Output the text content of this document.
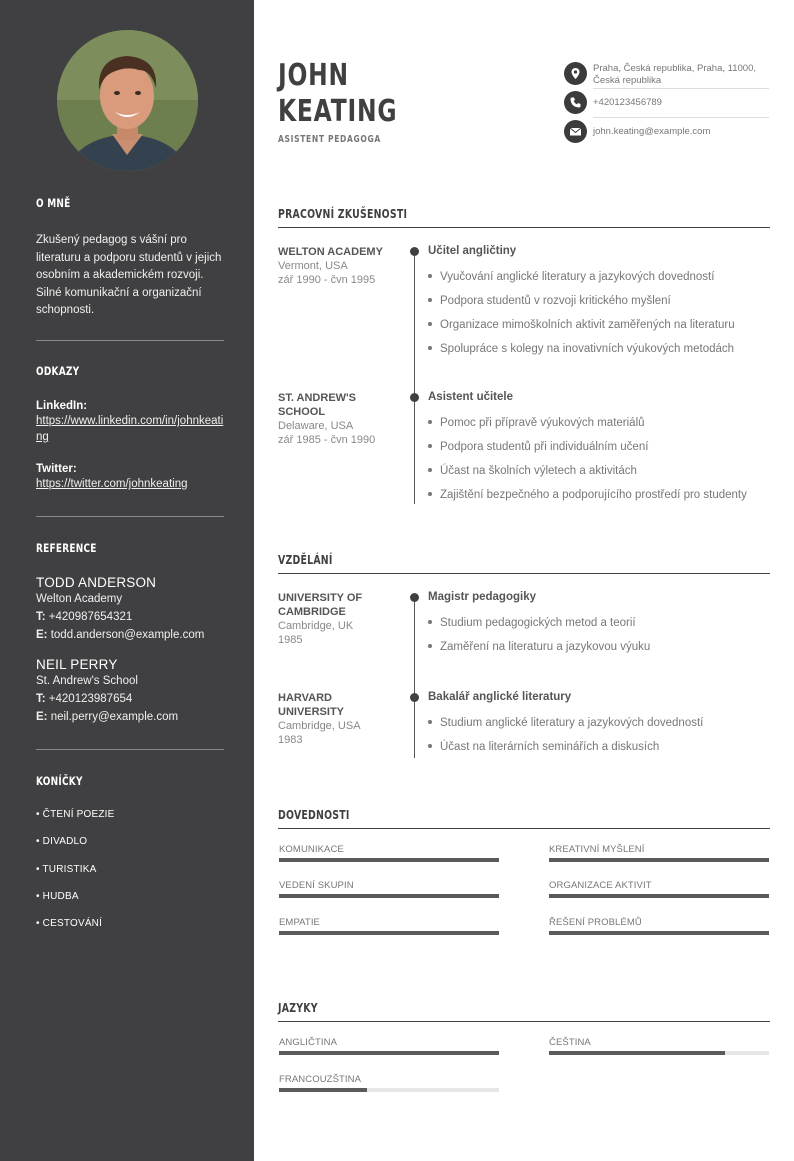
O MNĚ
Zkušený pedagog s vášní pro literaturu a podporu studentů v jejich osobním a akademickém rozvoji. Silné komunikační a organizační schopnosti.
ODKAZY
LinkedIn:
https://www.linkedin.com/in/johnkeating
Twitter:
https://twitter.com/johnkeating
REFERENCE
TODD ANDERSON
Welton Academy
T: +420987654321
E: todd.anderson@example.com
NEIL PERRY
St. Andrew's School
T: +420123987654
E: neil.perry@example.com
KONÍČKY
• ČTENÍ POEZIE
• DIVADLO
• TURISTIKA
• HUDBA
• CESTOVÁNÍ
JOHN
KEATING
ASISTENT PEDAGOGA
Praha, Česká republika, Praha, 11000, Česká republika
+420123456789
john.keating@example.com
PRACOVNÍ ZKUŠENOSTI
WELTON ACADEMY
Vermont, USA
zář 1990 - čvn 1995
Učitel angličtiny
Vyučování anglické literatury a jazykových dovedností
Podpora studentů v rozvoji kritického myšlení
Organizace mimoškolních aktivit zaměřených na literaturu
Spolupráce s kolegy na inovativních výukových metodách
ST. ANDREW'S SCHOOL
Delaware, USA
zář 1985 - čvn 1990
Asistent učitele
Pomoc při přípravě výukových materiálů
Podpora studentů při individuálním učení
Účast na školních výletech a aktivitách
Zajištění bezpečného a podporujícího prostředí pro studenty
VZDĚLÁNÍ
UNIVERSITY OF CAMBRIDGE
Cambridge, UK
1985
Magistr pedagogiky
Studium pedagogických metod a teorií
Zaměření na literaturu a jazykovou výuku
HARVARD UNIVERSITY
Cambridge, USA
1983
Bakalář anglické literatury
Studium anglické literatury a jazykových dovedností
Účast na literárních seminářích a diskusích
DOVEDNOSTI
KOMUNIKACE	KREATIVNÍ MYŠLENÍ
VEDENÍ SKUPIN	ORGANIZACE AKTIVIT
EMPATIE	ŘEŠENÍ PROBLÉMŮ
JAZYKY
ANGLIČTINA	ČEŠTINA
FRANCOUZŠTINA
